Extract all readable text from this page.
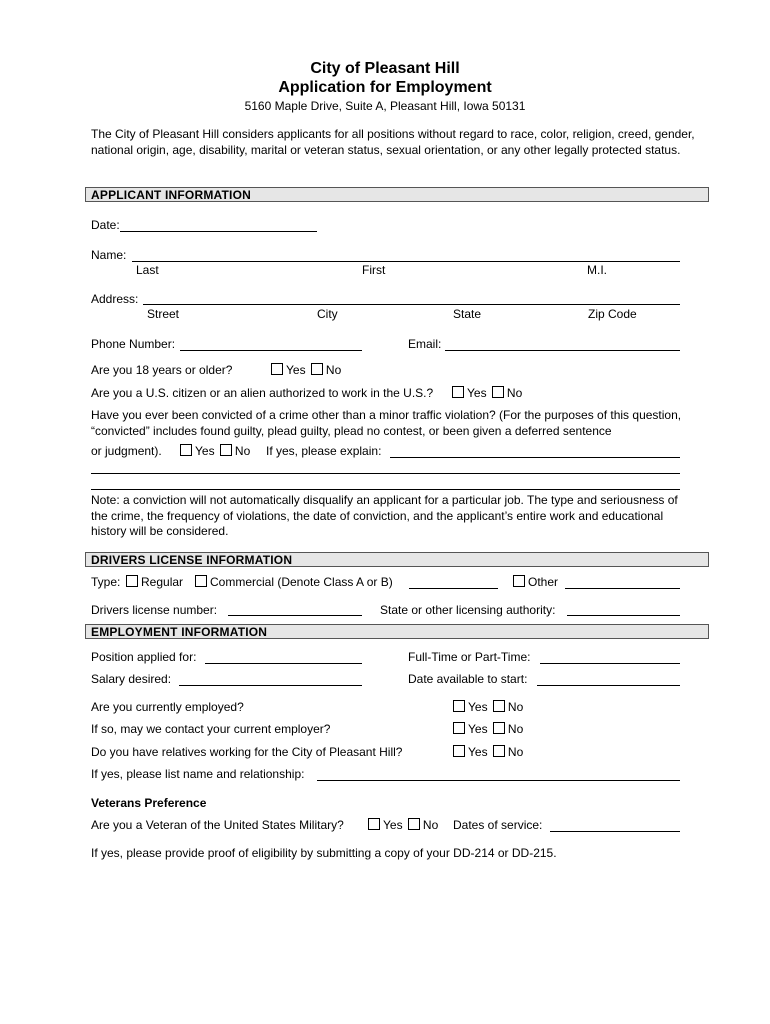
City of Pleasant Hill
Application for Employment
5160 Maple Drive, Suite A, Pleasant Hill, Iowa 50131
The City of Pleasant Hill considers applicants for all positions without regard to race, color, religion, creed, gender, national origin, age, disability, marital or veteran status, sexual orientation, or any other legally protected status.
APPLICANT INFORMATION
Date:
Name:
Last	First	M.I.
Address:
Street	City	State	Zip Code
Phone Number:	Email:
Are you 18 years or older?	Yes No
Are you a U.S. citizen or an alien authorized to work in the U.S.?	Yes No
Have you ever been convicted of a crime other than a minor traffic violation? (For the purposes of this question, “convicted” includes found guilty, plead guilty, plead no contest, or been given a deferred sentence
or judgment).	Yes No If yes, please explain:
Note: a conviction will not automatically disqualify an applicant for a particular job. The type and seriousness of the crime, the frequency of violations, the date of conviction, and the applicant’s entire work and educational history will be considered.
DRIVERS LICENSE INFORMATION
Type:	Regular	Commercial (Denote Class A or B)	Other
Drivers license number:	State or other licensing authority:
EMPLOYMENT INFORMATION
Position applied for:	Full-Time or Part-Time:
Salary desired:	Date available to start:
Are you currently employed?	Yes No
If so, may we contact your current employer?	Yes No
Do you have relatives working for the City of Pleasant Hill?	Yes No
If yes, please list name and relationship:
Veterans Preference
Are you a Veteran of the United States Military?	Yes No Dates of service:
If yes, please provide proof of eligibility by submitting a copy of your DD-214 or DD-215.
